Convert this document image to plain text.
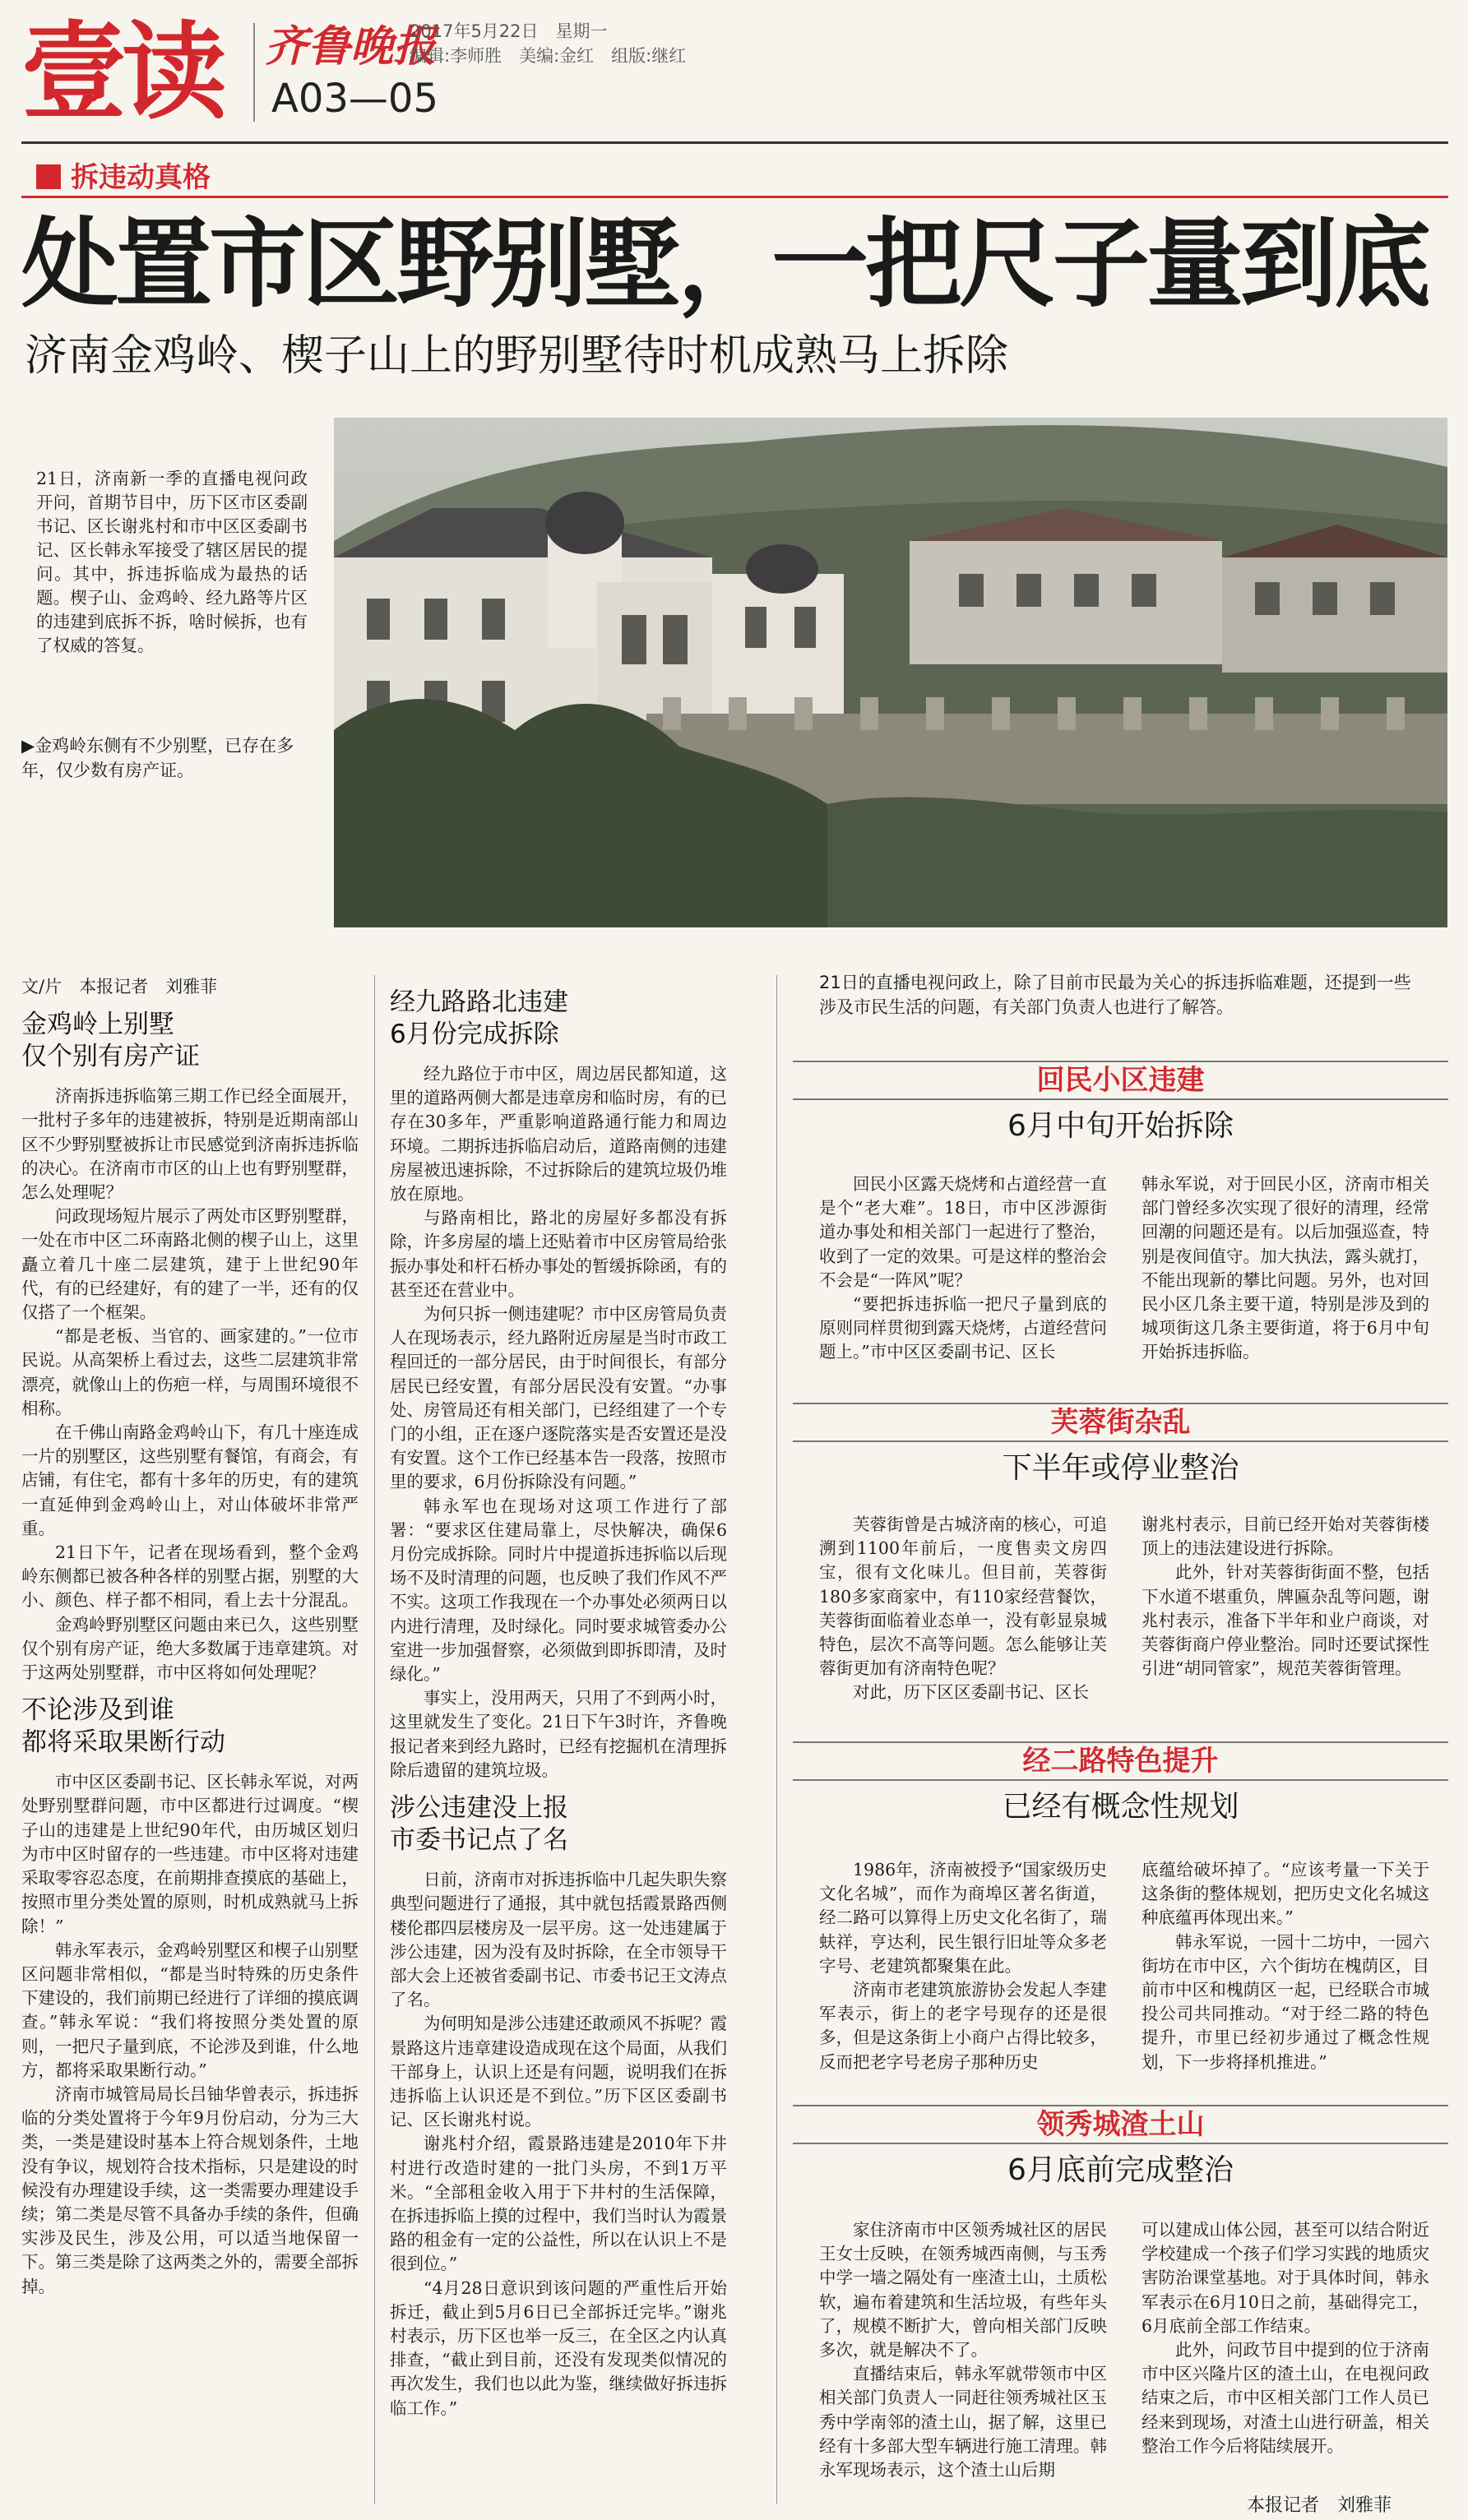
壹读 齐鲁晚报
A03—05
2017年5月22日　星期一
编辑:李师胜　美编:金红　组版:继红
拆违动真格
处置市区野别墅，一把尺子量到底
济南金鸡岭、楔子山上的野别墅待时机成熟马上拆除
21日，济南新一季的直播电视问政开问，首期节目中，历下区市区委副书记、区长谢兆村和市中区区委副书记、区长韩永军接受了辖区居民的提问。其中，拆违拆临成为最热的话题。楔子山、金鸡岭、经九路等片区的违建到底拆不拆，啥时候拆，也有了权威的答复。
▶金鸡岭东侧有不少别墅，已存在多年，仅少数有房产证。
文/片　本报记者　刘雅菲
金鸡岭上别墅
仅个别有房产证

济南拆违拆临第三期工作已经全面展开，一批村子多年的违建被拆，特别是近期南部山区不少野别墅被拆让市民感觉到济南拆违拆临的决心。在济南市市区的山上也有野别墅群，怎么处理呢？

问政现场短片展示了两处市区野别墅群，一处在市中区二环南路北侧的楔子山上，这里矗立着几十座二层建筑，建于上世纪90年代，有的已经建好，有的建了一半，还有的仅仅搭了一个框架。

“都是老板、当官的、画家建的。”一位市民说。从高架桥上看过去，这些二层建筑非常漂亮，就像山上的伤疤一样，与周围环境很不相称。

在千佛山南路金鸡岭山下，有几十座连成一片的别墅区，这些别墅有餐馆，有商会，有店铺，有住宅，都有十多年的历史，有的建筑一直延伸到金鸡岭山上，对山体破坏非常严重。

21日下午，记者在现场看到，整个金鸡岭东侧都已被各种各样的别墅占据，别墅的大小、颜色、样子都不相同，看上去十分混乱。

金鸡岭野别墅区问题由来已久，这些别墅仅个别有房产证，绝大多数属于违章建筑。对于这两处别墅群，市中区将如何处理呢？

不论涉及到谁
都将采取果断行动

市中区区委副书记、区长韩永军说，对两处野别墅群问题，市中区都进行过调度。“楔子山的违建是上世纪90年代，由历城区划归为市中区时留存的一些违建。市中区将对违建采取零容忍态度，在前期排查摸底的基础上，按照市里分类处置的原则，时机成熟就马上拆除！”

韩永军表示，金鸡岭别墅区和楔子山别墅区问题非常相似，“都是当时特殊的历史条件下建设的，我们前期已经进行了详细的摸底调查。”韩永军说：“我们将按照分类处置的原则，一把尺子量到底，不论涉及到谁，什么地方，都将采取果断行动。”

济南市城管局局长吕铀华曾表示，拆违拆临的分类处置将于今年9月份启动，分为三大类，一类是建设时基本上符合规划条件，土地没有争议，规划符合技术指标，只是建设的时候没有办理建设手续，这一类需要办理建设手续；第二类是尽管不具备办手续的条件，但确实涉及民生，涉及公用，可以适当地保留一下。第三类是除了这两类之外的，需要全部拆掉。

经九路路北违建
6月份完成拆除

经九路位于市中区，周边居民都知道，这里的道路两侧大都是违章房和临时房，有的已存在30多年，严重影响道路通行能力和周边环境。二期拆违拆临启动后，道路南侧的违建房屋被迅速拆除，不过拆除后的建筑垃圾仍堆放在原地。

与路南相比，路北的房屋好多都没有拆除，许多房屋的墙上还贴着市中区房管局给张振办事处和杆石桥办事处的暂缓拆除函，有的甚至还在营业中。

为何只拆一侧违建呢？市中区房管局负责人在现场表示，经九路附近房屋是当时市政工程回迁的一部分居民，由于时间很长，有部分居民已经安置，有部分居民没有安置。“办事处、房管局还有相关部门，已经组建了一个专门的小组，正在逐户逐院落实是否安置还是没有安置。这个工作已经基本告一段落，按照市里的要求，6月份拆除没有问题。”

韩永军也在现场对这项工作进行了部署：“要求区住建局靠上，尽快解决，确保6月份完成拆除。同时片中提道拆违拆临以后现场不及时清理的问题，也反映了我们作风不严不实。这项工作我现在一个办事处必须两日以内进行清理，及时绿化。同时要求城管委办公室进一步加强督察，必须做到即拆即清，及时绿化。”

事实上，没用两天，只用了不到两小时，这里就发生了变化。21日下午3时许，齐鲁晚报记者来到经九路时，已经有挖掘机在清理拆除后遗留的建筑垃圾。

涉公违建没上报
市委书记点了名

日前，济南市对拆违拆临中几起失职失察典型问题进行了通报，其中就包括霞景路西侧楼伦郡四层楼房及一层平房。这一处违建属于涉公违建，因为没有及时拆除，在全市领导干部大会上还被省委副书记、市委书记王文涛点了名。

为何明知是涉公违建还敢顽风不拆呢？霞景路这片违章建设造成现在这个局面，从我们干部身上，认识上还是有问题，说明我们在拆违拆临上认识还是不到位。”历下区区委副书记、区长谢兆村说。

谢兆村介绍，霞景路违建是2010年下井村进行改造时建的一批门头房，不到1万平米。“全部租金收入用于下井村的生活保障，在拆违拆临上摸的过程中，我们当时认为霞景路的租金有一定的公益性，所以在认识上不是很到位。”

“4月28日意识到该问题的严重性后开始拆迁，截止到5月6日已全部拆迁完毕。”谢兆村表示，历下区也举一反三，在全区之内认真排查，“截止到目前，还没有发现类似情况的再次发生，我们也以此为鉴，继续做好拆违拆临工作。”

21日的直播电视问政上，除了目前市民最为关心的拆违拆临难题，还提到一些涉及市民生活的问题，有关部门负责人也进行了解答。
回民小区违建
6月中旬开始拆除

回民小区露天烧烤和占道经营一直是个“老大难”。18日，市中区涉源街道办事处和相关部门一起进行了整治，收到了一定的效果。可是这样的整治会不会是“一阵风”呢？

“要把拆违拆临一把尺子量到底的原则同样贯彻到露天烧烤，占道经营问题上。”市中区区委副书记、区长

韩永军说，对于回民小区，济南市相关部门曾经多次实现了很好的清理，经常回潮的问题还是有。以后加强巡查，特别是夜间值守。加大执法，露头就打，不能出现新的攀比问题。另外，也对回民小区几条主要干道，特别是涉及到的城项街这几条主要街道，将于6月中旬开始拆违拆临。

芙蓉街杂乱
下半年或停业整治

芙蓉街曾是古城济南的核心，可追溯到1100年前后，一度售卖文房四宝，很有文化味儿。但目前，芙蓉街180多家商家中，有110家经营餐饮，芙蓉街面临着业态单一，没有彰显泉城特色，层次不高等问题。怎么能够让芙蓉街更加有济南特色呢？

对此，历下区区委副书记、区长

谢兆村表示，目前已经开始对芙蓉街楼顶上的违法建设进行拆除。

此外，针对芙蓉街街面不整，包括下水道不堪重负，牌匾杂乱等问题，谢兆村表示，准备下半年和业户商谈，对芙蓉街商户停业整治。同时还要试探性引进“胡同管家”，规范芙蓉街管理。

经二路特色提升
已经有概念性规划

1986年，济南被授予“国家级历史文化名城”，而作为商埠区著名街道，经二路可以算得上历史文化名街了，瑞蚨祥，亨达利，民生银行旧址等众多老字号、老建筑都聚集在此。

济南市老建筑旅游协会发起人李建军表示，街上的老字号现存的还是很多，但是这条街上小商户占得比较多，反而把老字号老房子那种历史

底蕴给破坏掉了。“应该考量一下关于这条街的整体规划，把历史文化名城这种底蕴再体现出来。”

韩永军说，一园十二坊中，一园六街坊在市中区，六个街坊在槐荫区，目前市中区和槐荫区一起，已经联合市城投公司共同推动。“对于经二路的特色提升，市里已经初步通过了概念性规划，下一步将择机推进。”

领秀城渣土山
6月底前完成整治

家住济南市中区领秀城社区的居民王女士反映，在领秀城西南侧，与玉秀中学一墙之隔处有一座渣土山，土质松软，遍布着建筑和生活垃圾，有些年头了，规模不断扩大，曾向相关部门反映多次，就是解决不了。

直播结束后，韩永军就带领市中区相关部门负责人一同赶往领秀城社区玉秀中学南邻的渣土山，据了解，这里已经有十多部大型车辆进行施工清理。韩永军现场表示，这个渣土山后期

可以建成山体公园，甚至可以结合附近学校建成一个孩子们学习实践的地质灾害防治课堂基地。对于具体时间，韩永军表示在6月10日之前，基础得完工，6月底前全部工作结束。

此外，问政节目中提到的位于济南市中区兴隆片区的渣土山，在电视问政结束之后，市中区相关部门工作人员已经来到现场，对渣土山进行研盖，相关整治工作今后将陆续展开。

本报记者　刘雅菲
